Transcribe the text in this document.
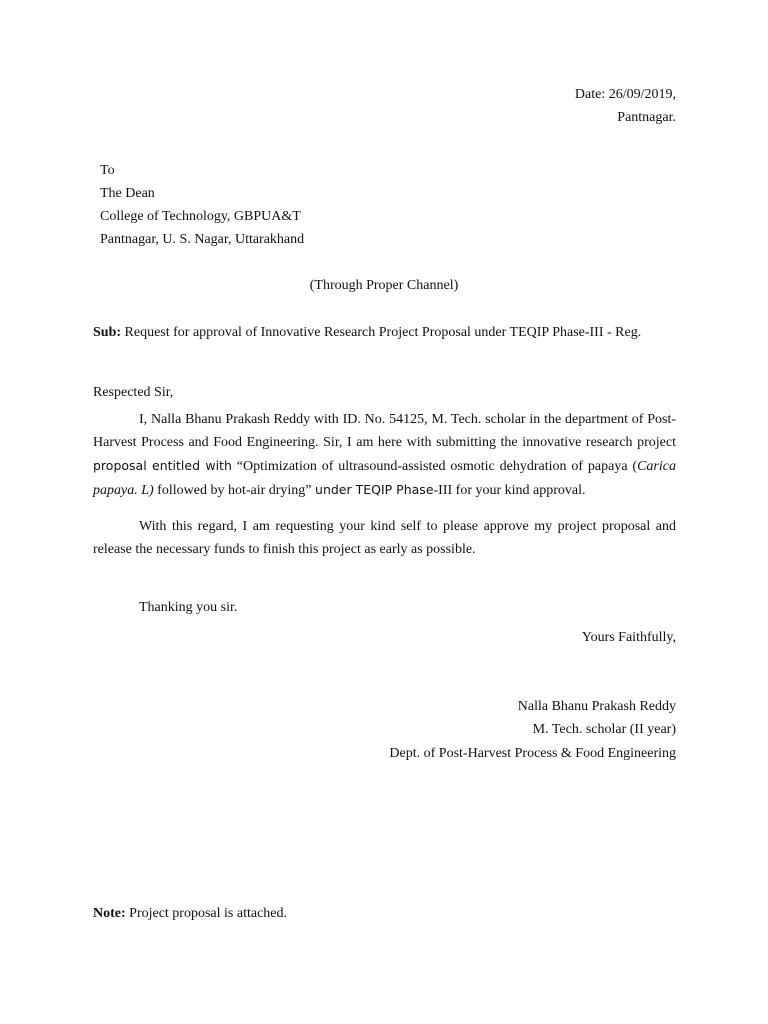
Date: 26/09/2019,
Pantnagar.
To
The Dean
College of Technology, GBPUA&T
Pantnagar, U. S. Nagar, Uttarakhand
(Through Proper Channel)
Sub: Request for approval of Innovative Research Project Proposal under TEQIP Phase-III - Reg.
Respected Sir,
I, Nalla Bhanu Prakash Reddy with ID. No. 54125, M. Tech. scholar in the department of Post-
Harvest Process and Food Engineering. Sir, I am here with submitting the innovative research project
proposal entitled with “Optimization of ultrasound-assisted osmotic dehydration of papaya (Carica
papaya. L) followed by hot-air drying” under TEQIP Phase-III for your kind approval.
With this regard, I am requesting your kind self to please approve my project proposal and
release the necessary funds to finish this project as early as possible.
Thanking you sir.
Yours Faithfully,
Nalla Bhanu Prakash Reddy
M. Tech. scholar (II year)
Dept. of Post-Harvest Process & Food Engineering
Note: Project proposal is attached.
